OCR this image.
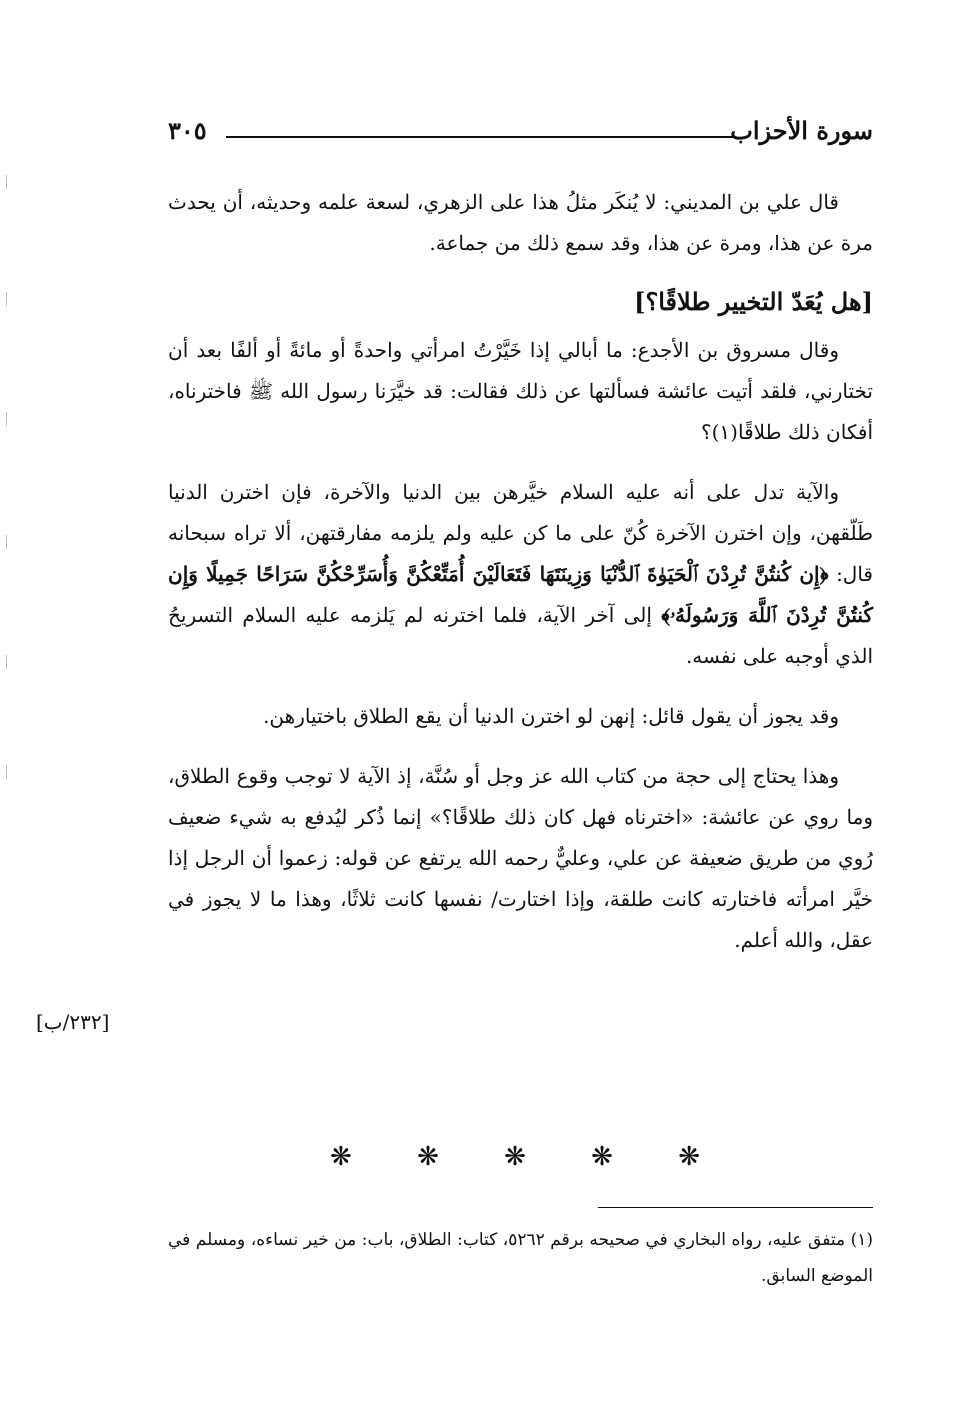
سورة الأحزاب
٣٠٥

قال علي بن المديني: لا يُنكَر مثلُ هذا على الزهري، لسعة علمه وحديثه، أن يحدث مرة عن هذا، ومرة عن هذا، وقد سمع ذلك من جماعة.

[هل يُعَدّ التخيير طلاقًا؟]

وقال مسروق بن الأجدع: ما أبالي إذا خَيَّرْتُ امرأتي واحدةً أو مائةً أو ألفًا بعد أن تختارني، فلقد أتيت عائشة فسألتها عن ذلك فقالت: قد خيَّرَنا رسول الله ﷺ فاخترناه، أفكان ذلك طلاقًا(١)؟

والآية تدل على أنه عليه السلام خيَّرهن بين الدنيا والآخرة، فإن اخترن الدنيا طَلّقهن، وإن اخترن الآخرة كُنّ على ما كن عليه ولم يلزمه مفارقتهن، ألا تراه سبحانه قال: ﴿إِن كُنتُنَّ تُرِدْنَ ٱلْحَيَوٰةَ ٱلدُّنْيَا وَزِينَتَهَا فَتَعَالَيْنَ أُمَتِّعْكُنَّ وَأُسَرِّحْكُنَّ سَرَاحًا جَمِيلًا وَإِن كُنتُنَّ تُرِدْنَ ٱللَّهَ وَرَسُولَهُۥ﴾ إلى آخر الآية، فلما اخترنه لم يَلزمه عليه السلام التسريحُ الذي أوجبه على نفسه.

وقد يجوز أن يقول قائل: إنهن لو اخترن الدنيا أن يقع الطلاق باختيارهن.

وهذا يحتاج إلى حجة من كتاب الله عز وجل أو سُنَّة، إذ الآية لا توجب وقوع الطلاق، وما روي عن عائشة: «اخترناه فهل كان ذلك طلاقًا؟» إنما ذُكر ليُدفع به شيء ضعيف رُوي من طريق ضعيفة عن علي، وعليٌّ رحمه الله يرتفع عن قوله: زعموا أن الرجل إذا خيَّر امرأته فاختارته كانت طلقة، وإذا اختارت/ نفسها كانت ثلاثًا، وهذا ما لا يجوز في عقل، والله أعلم.

[٢٣٢/ب]
❋
❋
❋
❋
❋

(١) متفق عليه، رواه البخاري في صحيحه برقم ٥٢٦٢، كتاب: الطلاق، باب: من خير نساءه، ومسلم في الموضع السابق.
